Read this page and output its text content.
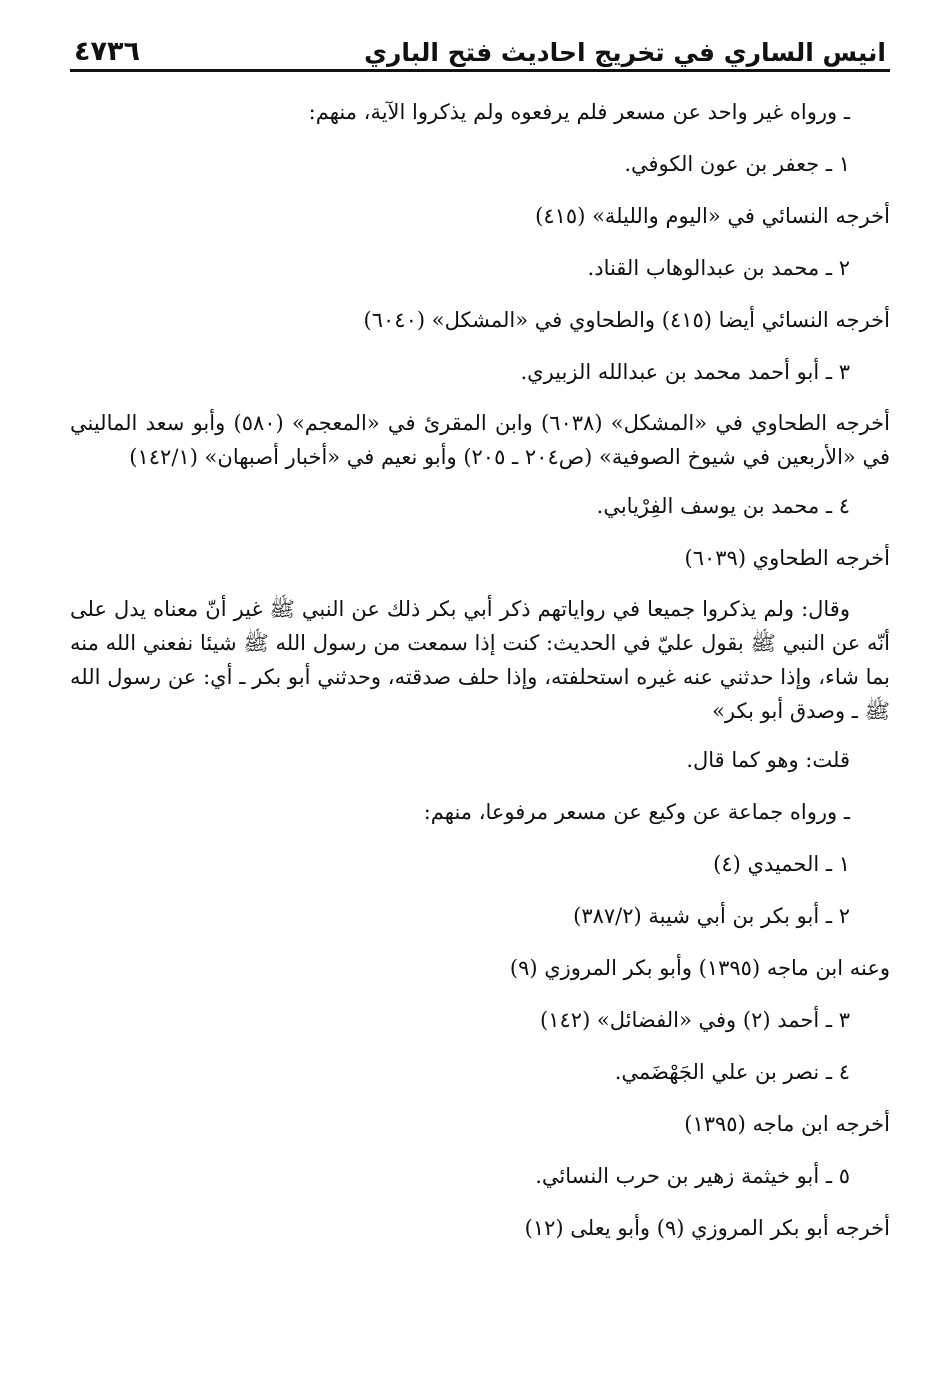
انيس الساري في تخريج احاديث فتح الباري
٤٧٣٦

ـ ورواه غير واحد عن مسعر فلم يرفعوه ولم يذكروا الآية، منهم:

١ ـ جعفر بن عون الكوفي.

أخرجه النسائي في «اليوم والليلة» (٤١٥)

٢ ـ محمد بن عبدالوهاب القناد.

أخرجه النسائي أيضا (٤١٥) والطحاوي في «المشكل» (٦٠٤٠)

٣ ـ أبو أحمد محمد بن عبدالله الزبيري.

أخرجه الطحاوي في «المشكل» (٦٠٣٨) وابن المقرئ في «المعجم» (٥٨٠) وأبو سعد الماليني في «الأربعين في شيوخ الصوفية» (ص٢٠٤ ـ ٢٠٥) وأبو نعيم في «أخبار أصبهان» (١٤٢/١)

٤ ـ محمد بن يوسف الفِرْيابي.

أخرجه الطحاوي (٦٠٣٩)

وقال: ولم يذكروا جميعا في رواياتهم ذكر أبي بكر ذلك عن النبي ﷺ غير أنّ معناه يدل على أنّه عن النبي ﷺ بقول عليّ في الحديث: كنت إذا سمعت من رسول الله ﷺ شيئا نفعني الله منه بما شاء، وإذا حدثني عنه غيره استحلفته، وإذا حلف صدقته، وحدثني أبو بكر ـ أي: عن رسول الله ﷺ ـ وصدق أبو بكر»

قلت: وهو كما قال.

ـ ورواه جماعة عن وكيع عن مسعر مرفوعا، منهم:

١ ـ الحميدي (٤)

٢ ـ أبو بكر بن أبي شيبة (٣٨٧/٢)

وعنه ابن ماجه (١٣٩٥) وأبو بكر المروزي (٩)

٣ ـ أحمد (٢) وفي «الفضائل» (١٤٢)

٤ ـ نصر بن علي الجَهْضَمي.

أخرجه ابن ماجه (١٣٩٥)

٥ ـ أبو خيثمة زهير بن حرب النسائي.

أخرجه أبو بكر المروزي (٩) وأبو يعلى (١٢)
